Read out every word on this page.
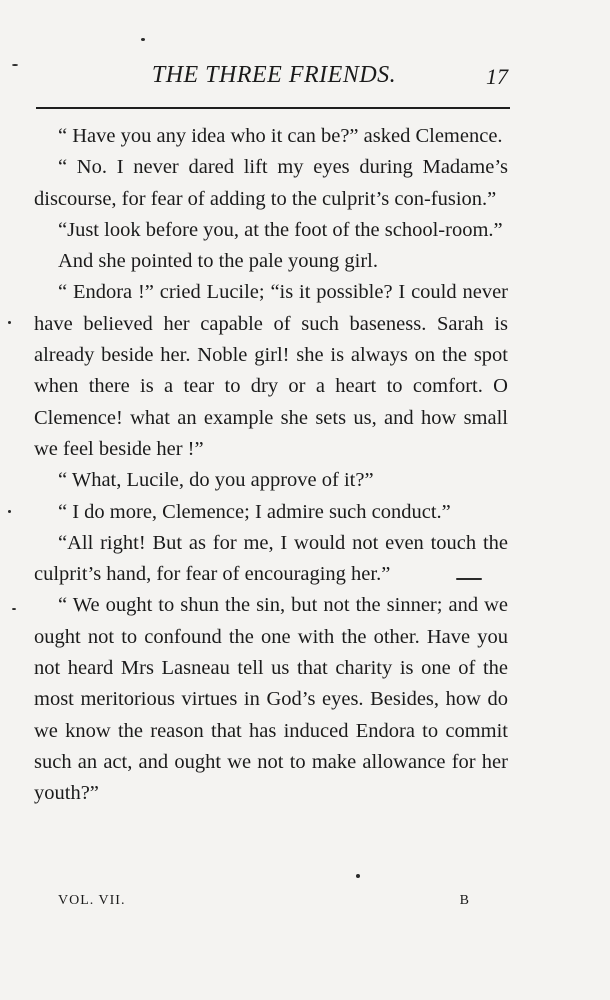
THE THREE FRIENDS.	17

“ Have you any idea who it can be?” asked Clemence.

“ No. I never dared lift my eyes during Madame’s discourse, for fear of adding to the culprit’s con-fusion.”

“Just look before you, at the foot of the school-room.”

And she pointed to the pale young girl.

“ Endora !” cried Lucile; “is it possible? I could never have believed her capable of such baseness. Sarah is already beside her. Noble girl! she is always on the spot when there is a tear to dry or a heart to comfort. O Clemence! what an example she sets us, and how small we feel beside her !”

“ What, Lucile, do you approve of it?”

“ I do more, Clemence; I admire such conduct.”

“All right! But as for me, I would not even touch the culprit’s hand, for fear of encouraging her.”

“ We ought to shun the sin, but not the sinner; and we ought not to confound the one with the other. Have you not heard Mrs Lasneau tell us that charity is one of the most meritorious virtues in God’s eyes. Besides, how do we know the reason that has induced Endora to commit such an act, and ought we not to make allowance for her youth?”

VOL. VII.	B
